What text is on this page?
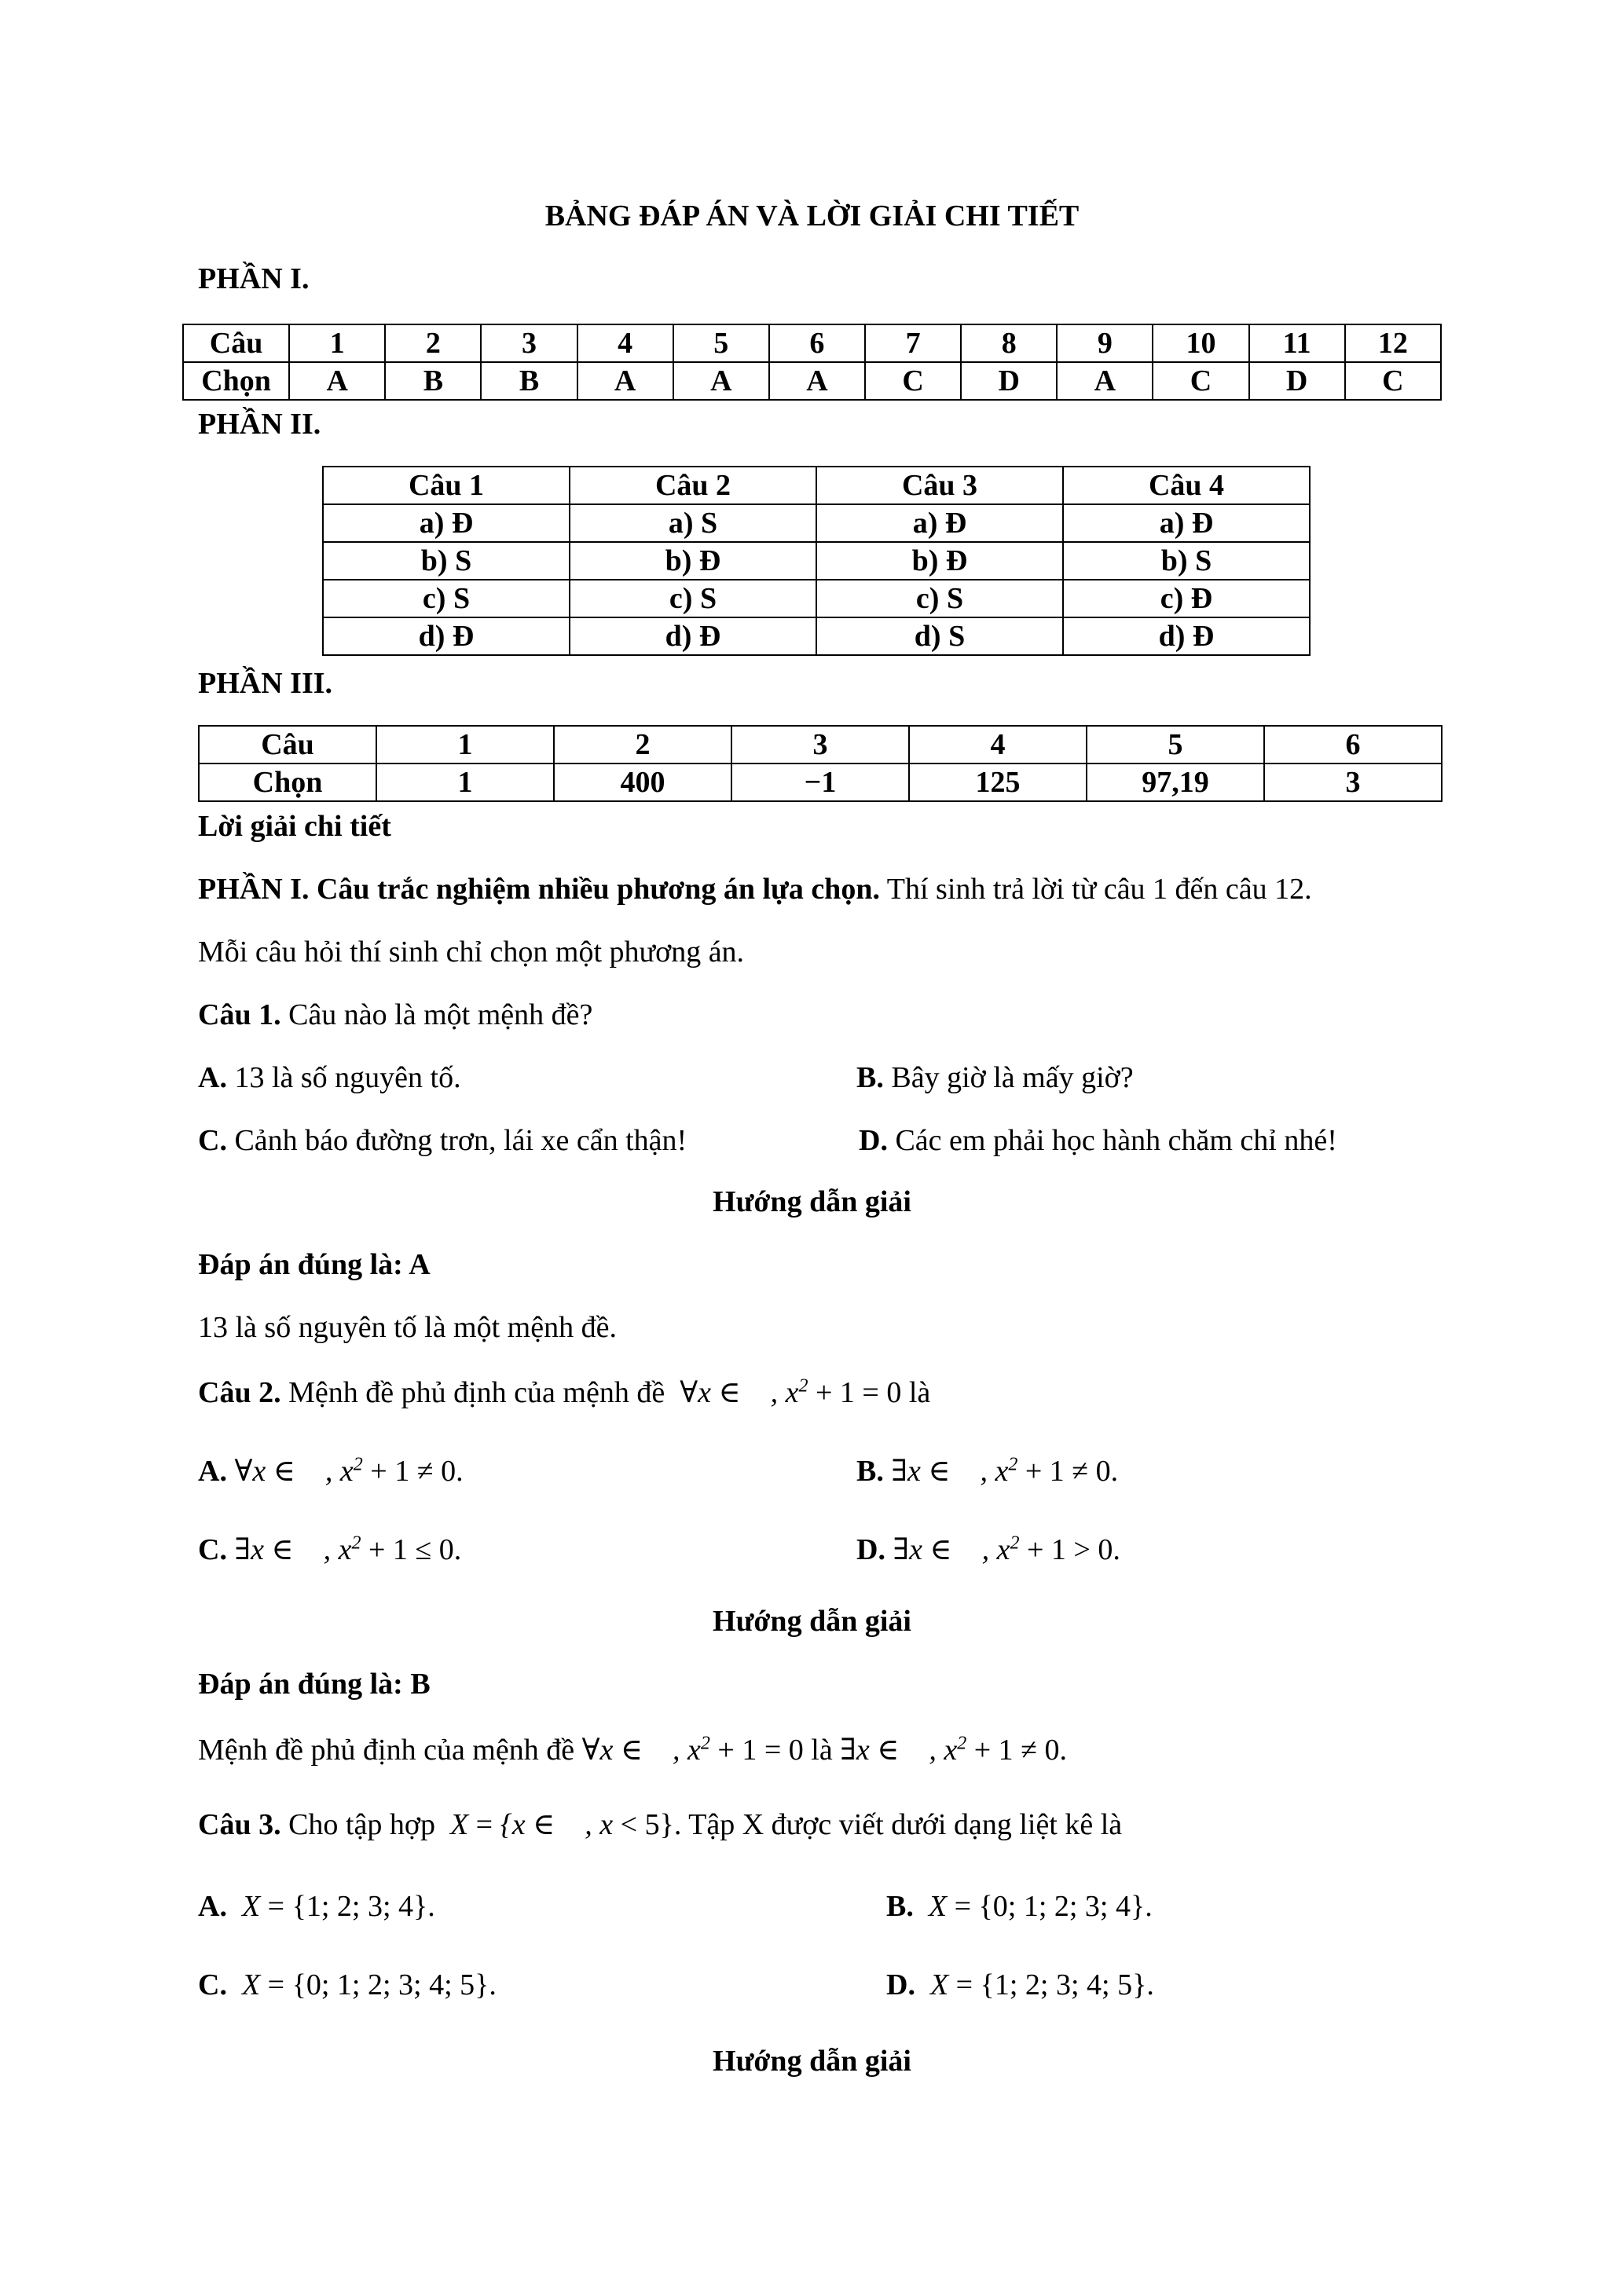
BẢNG ĐÁP ÁN VÀ LỜI GIẢI CHI TIẾT
PHẦN I.
Câu	1	2	3	4	5	6	7	8	9	10	11	12
Chọn	A	B	B	A	A	A	C	D	A	C	D	C
PHẦN II.
Câu 1	Câu 2	Câu 3	Câu 4
a) Đ	a) S	a) Đ	a) Đ
b) S	b) Đ	b) Đ	b) S
c) S	c) S	c) S	c) Đ
d) Đ	d) Đ	d) S	d) Đ
PHẦN III.
Câu	1	2	3	4	5	6
Chọn	1	400	−1	125	97,19	3
Lời giải chi tiết
PHẦN I. Câu trắc nghiệm nhiều phương án lựa chọn. Thí sinh trả lời từ câu 1 đến câu 12.
Mỗi câu hỏi thí sinh chỉ chọn một phương án.
Câu 1. Câu nào là một mệnh đề?
A. 13 là số nguyên tố.	B. Bây giờ là mấy giờ?
C. Cảnh báo đường trơn, lái xe cẩn thận!	D. Các em phải học hành chăm chỉ nhé!
Hướng dẫn giải
Đáp án đúng là: A
13 là số nguyên tố là một mệnh đề.
Câu 2. Mệnh đề phủ định của mệnh đề  ∀x ∈    , $x^2 + 1 = 0$ là
A. ∀x ∈    , $x^2 + 1 \ne 0$.	B. ∃x ∈    , $x^2 + 1 \ne 0$.
C. ∃x ∈    , $x^2 + 1 \le 0$.	D. ∃x ∈    , $x^2 + 1 > 0$.
Hướng dẫn giải
Đáp án đúng là: B
Mệnh đề phủ định của mệnh đề ∀x ∈    , $x^2 + 1 = 0$ là ∃x ∈    , $x^2 + 1 \ne 0$.
Câu 3. Cho tập hợp  X = {x ∈    , x < 5}. Tập X được viết dưới dạng liệt kê là
A.  X = {1; 2; 3; 4}.	B.  X = {0; 1; 2; 3; 4}.
C.  X = {0; 1; 2; 3; 4; 5}.	D.  X = {1; 2; 3; 4; 5}.
Hướng dẫn giải
